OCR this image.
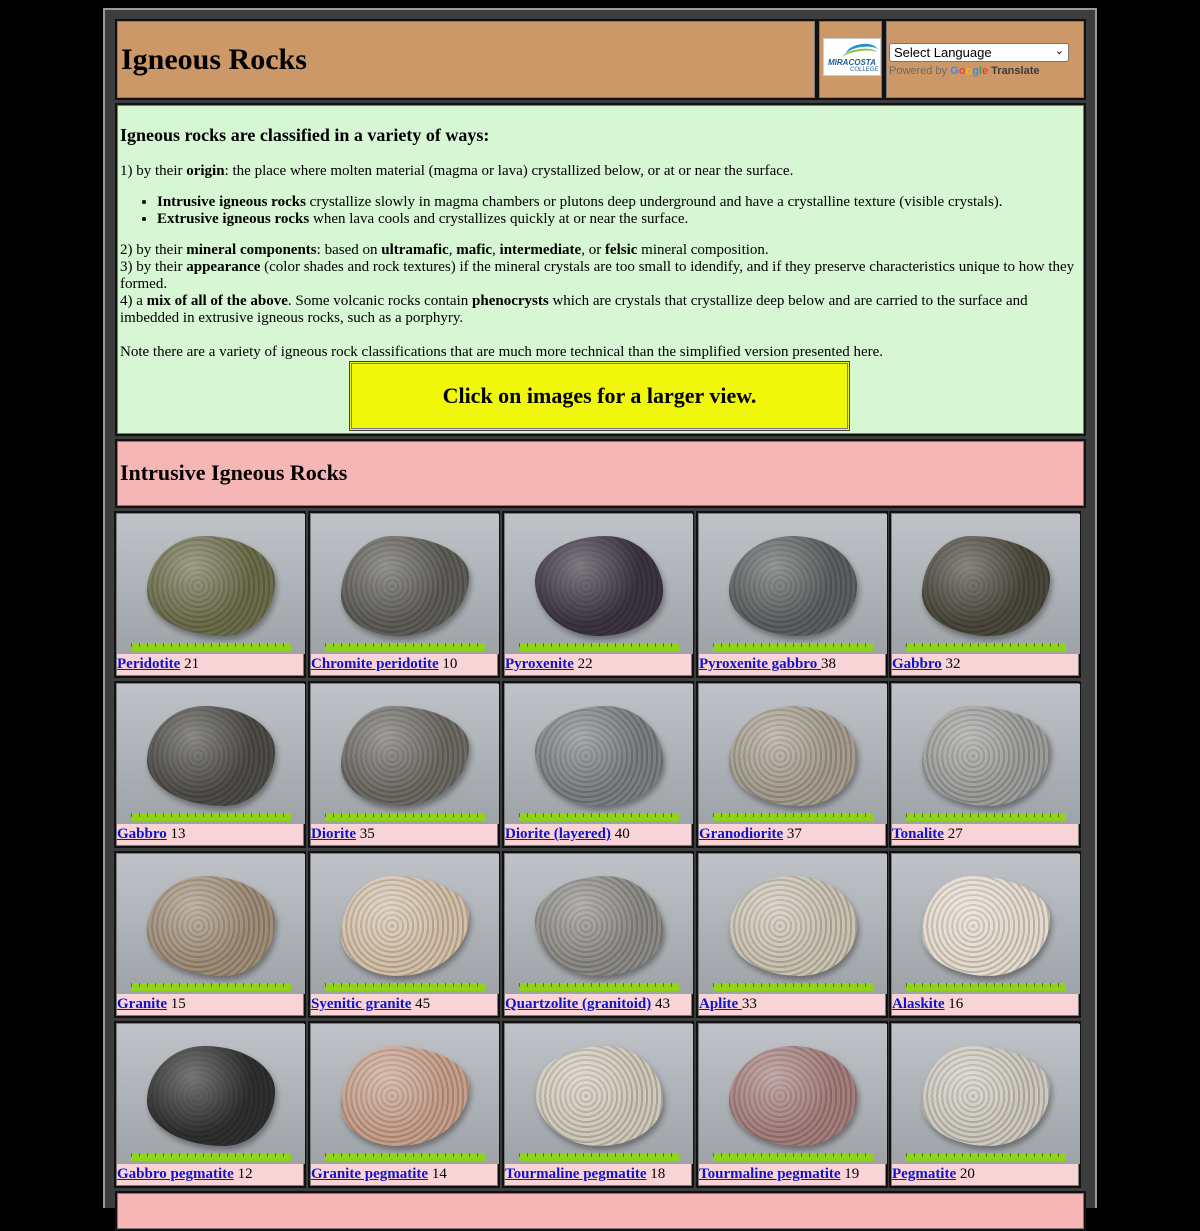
Igneous Rocks	MIRACOSTA
COLLEGE
Select Language	⌄
Powered by Google Translate
Igneous rocks are classified in a variety of ways:

1) by their origin: the place where molten material (magma or lava) crystallized below, or at or near the surface.

• Intrusive igneous rocks crystallize slowly in magma chambers or plutons deep underground and have a crystalline texture (visible crystals).
• Extrusive igneous rocks when lava cools and crystallizes quickly at or near the surface.

2) by their mineral components: based on ultramafic, mafic, intermediate, or felsic mineral composition.

3) by their appearance (color shades and rock textures) if the mineral crystals are too small to idendify, and if they preserve characteristics unique to how they formed.

4) a mix of all of the above. Some volcanic rocks contain phenocrysts which are crystals that crystallize deep below and are carried to the surface and imbedded in extrusive igneous rocks, such as a porphyry.

Note there are a variety of igneous rock classifications that are much more technical than the simplified version presented here.

Click on images for a larger view.
Intrusive Igneous Rocks
Peridotite 21	Chromite peridotite 10	Pyroxenite 22	Pyroxenite gabbro 38	Gabbro 32
Gabbro 13	Diorite 35	Diorite (layered) 40	Granodiorite 37	Tonalite 27
Granite 15	Syenitic granite 45	Quartzolite (granitoid) 43 Aplite 33	Alaskite 16
Gabbro pegmatite 12	Granite pegmatite 14	Tourmaline pegmatite 18 Tourmaline pegmatite 19 Pegmatite 20
